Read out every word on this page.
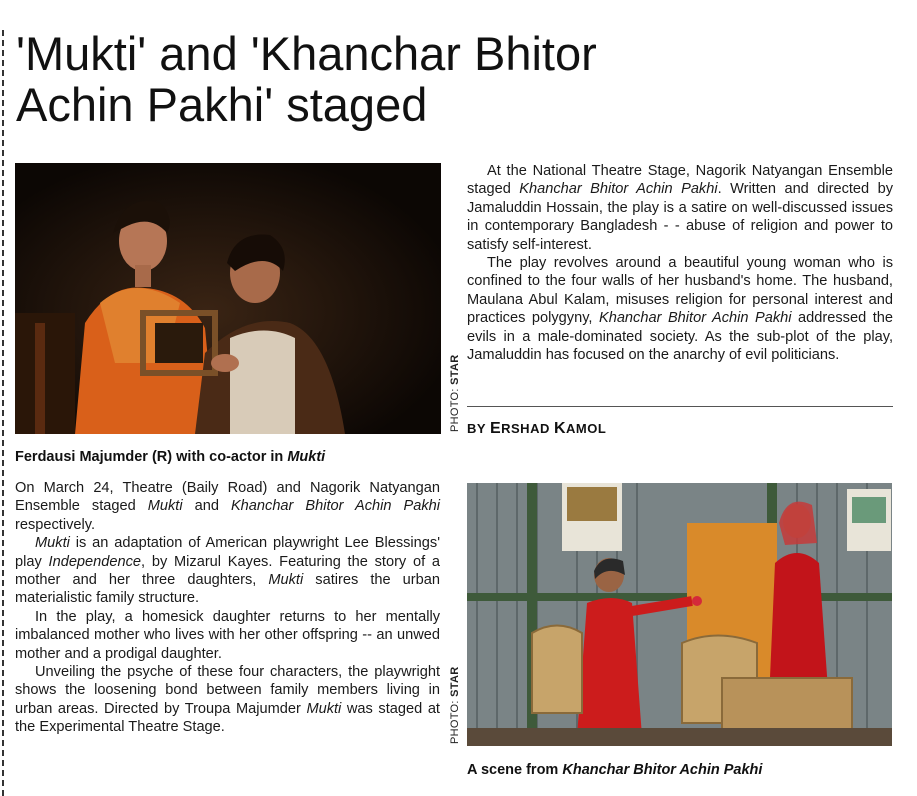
'Mukti' and 'Khanchar Bhitor
Achin Pakhi' staged
PHOTO: STAR
Ferdausi Majumder (R) with co-actor in Mukti

At the National Theatre Stage, Nagorik Natyangan Ensemble staged Khanchar Bhitor Achin Pakhi. Written and directed by Jamaluddin Hossain, the play is a satire on well-discussed issues in contemporary Bangladesh - - abuse of religion and power to satisfy self-interest.

The play revolves around a beautiful young woman who is confined to the four walls of her husband's home. The husband, Maulana Abul Kalam, misuses religion for personal interest and practices polygyny, Khanchar Bhitor Achin Pakhi addressed the evils in a male-dominated society. As the sub-plot of the play, Jamaluddin has focused on the anarchy of evil politicians.

BY ERSHAD KAMOL

On March 24, Theatre (Baily Road) and Nagorik Natyangan Ensemble staged Mukti and Khanchar Bhitor Achin Pakhi respectively.

Mukti is an adaptation of American playwright Lee Blessings' play Independence, by Mizarul Kayes. Featuring the story of a mother and her three daughters, Mukti satires the urban materialistic family structure.

In the play, a homesick daughter returns to her mentally imbalanced mother who lives with her other offspring -- an unwed mother and a prodigal daughter.

Unveiling the psyche of these four characters, the playwright shows the loosening bond between family members living in urban areas. Directed by Troupa Majumder Mukti was staged at the Experimental Theatre Stage.	PHOTO: STAR
A scene from Khanchar Bhitor Achin Pakhi
